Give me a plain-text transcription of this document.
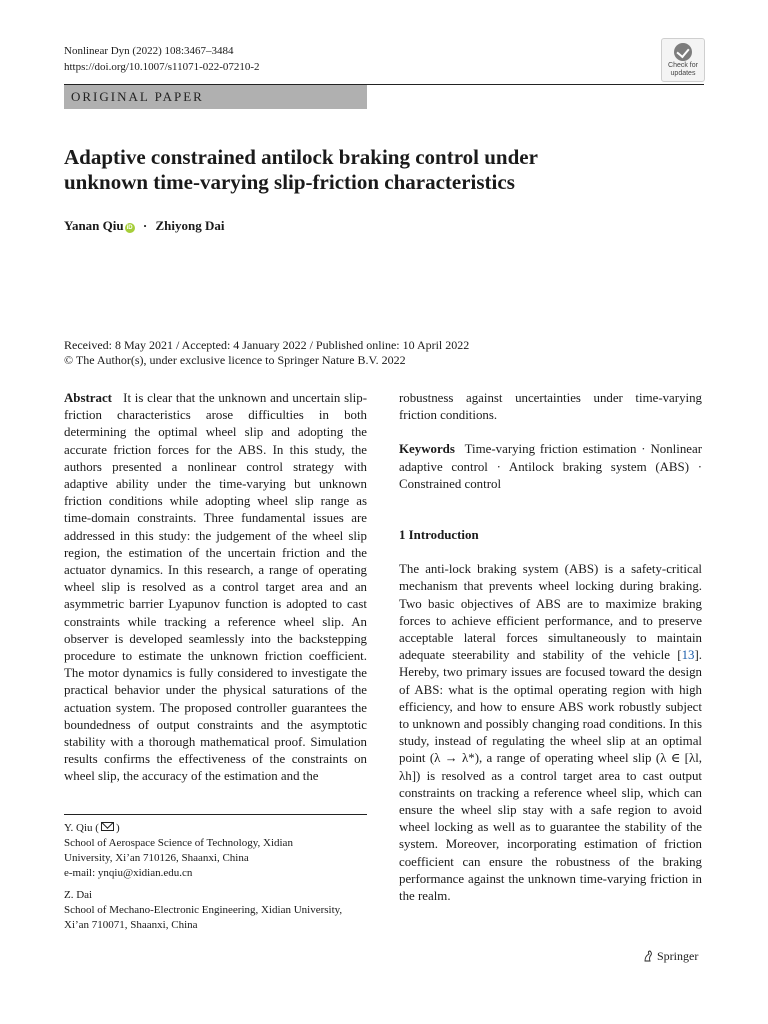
Nonlinear Dyn (2022) 108:3467–3484
https://doi.org/10.1007/s11071-022-07210-2	Check for
updates
ORIGINAL PAPER
Adaptive constrained antilock braking control under
unknown time-varying slip-friction characteristics
Yanan Qiu iD · Zhiyong Dai
Received: 8 May 2021 / Accepted: 4 January 2022 / Published online: 10 April 2022
© The Author(s), under exclusive licence to Springer Nature B.V. 2022

Abstract It is clear that the unknown and uncertain slip-friction characteristics arose difficulties in both determining the optimal wheel slip and adopting the accurate friction forces for the ABS. In this study, the authors presented a nonlinear control strategy with adaptive ability under the time-varying but unknown friction conditions while adopting wheel slip range as time-domain constraints. Three fundamental issues are addressed in this study: the judgement of the wheel slip region, the estimation of the uncertain friction and the actuator dynamics. In this research, a range of operating wheel slip is resolved as a control target area and an asymmetric barrier Lyapunov function is adopted to cast constraints while tracking a reference wheel slip. An observer is developed seamlessly into the backstepping procedure to estimate the unknown friction coefficient. The motor dynamics is fully considered to investigate the practical behavior under the physical saturations of the actuation system. The proposed controller guarantees the boundedness of output constraints and the asymptotic stability with a thorough mathematical proof. Simulation results confirms the effectiveness of the constraints on wheel slip, the accuracy of the estimation and the

Y. Qiu ( )

School of Aerospace Science of Technology, Xidian

University, Xi’an 710126, Shaanxi, China

e-mail: ynqiu@xidian.edu.cn

Z. Dai

School of Mechano-Electronic Engineering, Xidian University,

Xi’an 710071, Shaanxi, China

robustness against uncertainties under time-varying friction conditions.

Keywords Time-varying friction estimation · Nonlinear adaptive control · Antilock braking system (ABS) · Constrained control

1 Introduction

The anti-lock braking system (ABS) is a safety-critical mechanism that prevents wheel locking during braking. Two basic objectives of ABS are to maximize braking forces to achieve efficient performance, and to preserve acceptable lateral forces simultaneously to maintain adequate steerability and stability of the vehicle [13]. Hereby, two primary issues are focused toward the design of ABS: what is the optimal operating region with high efficiency, and how to ensure ABS work robustly subject to unknown and possibly changing road conditions. In this study, instead of regulating the wheel slip at an optimal point (λ → λ*), a range of operating wheel slip (λ ∈ [λl, λh]) is resolved as a control target area to cast output constraints on tracking a reference wheel slip, which can ensure the wheel slip stay with a safe region to avoid wheel locking as well as to guarantee the stability of the system. Moreover, incorporating estimation of friction coefficient can ensure the robustness of the braking performance against the unknown time-varying friction in the realm.

Springer
